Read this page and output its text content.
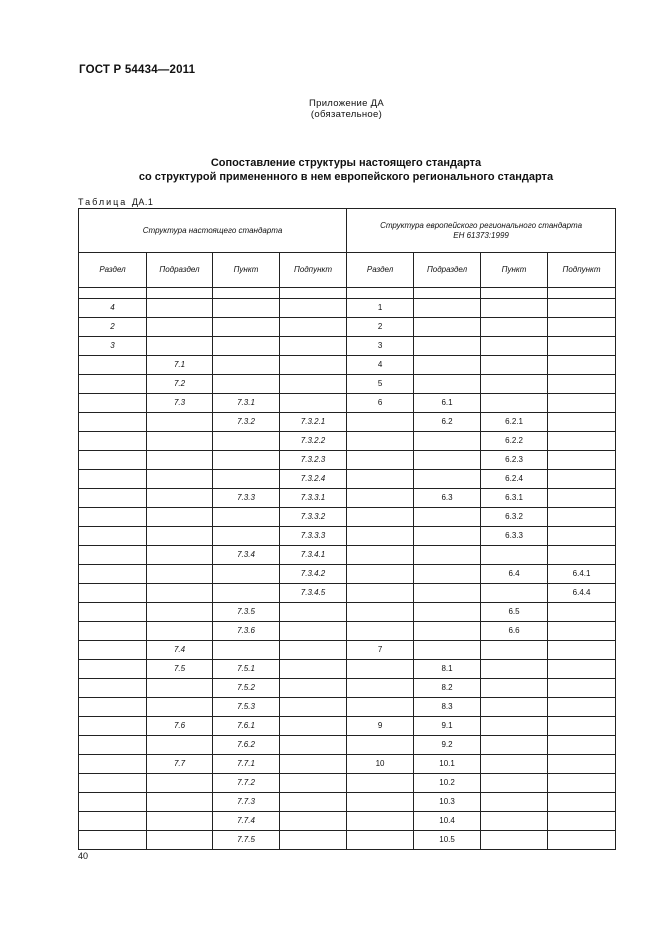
ГОСТ Р 54434—2011
Приложение ДА
(обязательное)
Сопоставление структуры настоящего стандарта
со структурой примененного в нем европейского регионального стандарта
Таблица ДА.1
Структура настоящего стандарта				Структура европейского регионального стандарта
ЕН 61373:1999			

Раздел	Подраздел	Пункт	Подпункт	Раздел	Подраздел	Пункт	Подпункт

4				1			
2				2			
3				3			
	7.1			4			
	7.2			5			
	7.3	7.3.1		6	6.1		
		7.3.2	7.3.2.1		6.2	6.2.1	
			7.3.2.2			6.2.2	
			7.3.2.3			6.2.3	
			7.3.2.4			6.2.4	
		7.3.3	7.3.3.1		6.3	6.3.1	
			7.3.3.2			6.3.2	
			7.3.3.3			6.3.3	
		7.3.4	7.3.4.1				
			7.3.4.2			6.4	6.4.1
			7.3.4.5				6.4.4
		7.3.5				6.5	
		7.3.6				6.6	
	7.4			7			
	7.5	7.5.1			8.1		
		7.5.2			8.2		
		7.5.3			8.3		
	7.6	7.6.1		9	9.1		
		7.6.2			9.2		
	7.7	7.7.1		10	10.1		
		7.7.2			10.2		
		7.7.3			10.3		
		7.7.4			10.4		
		7.7.5			10.5		
40
